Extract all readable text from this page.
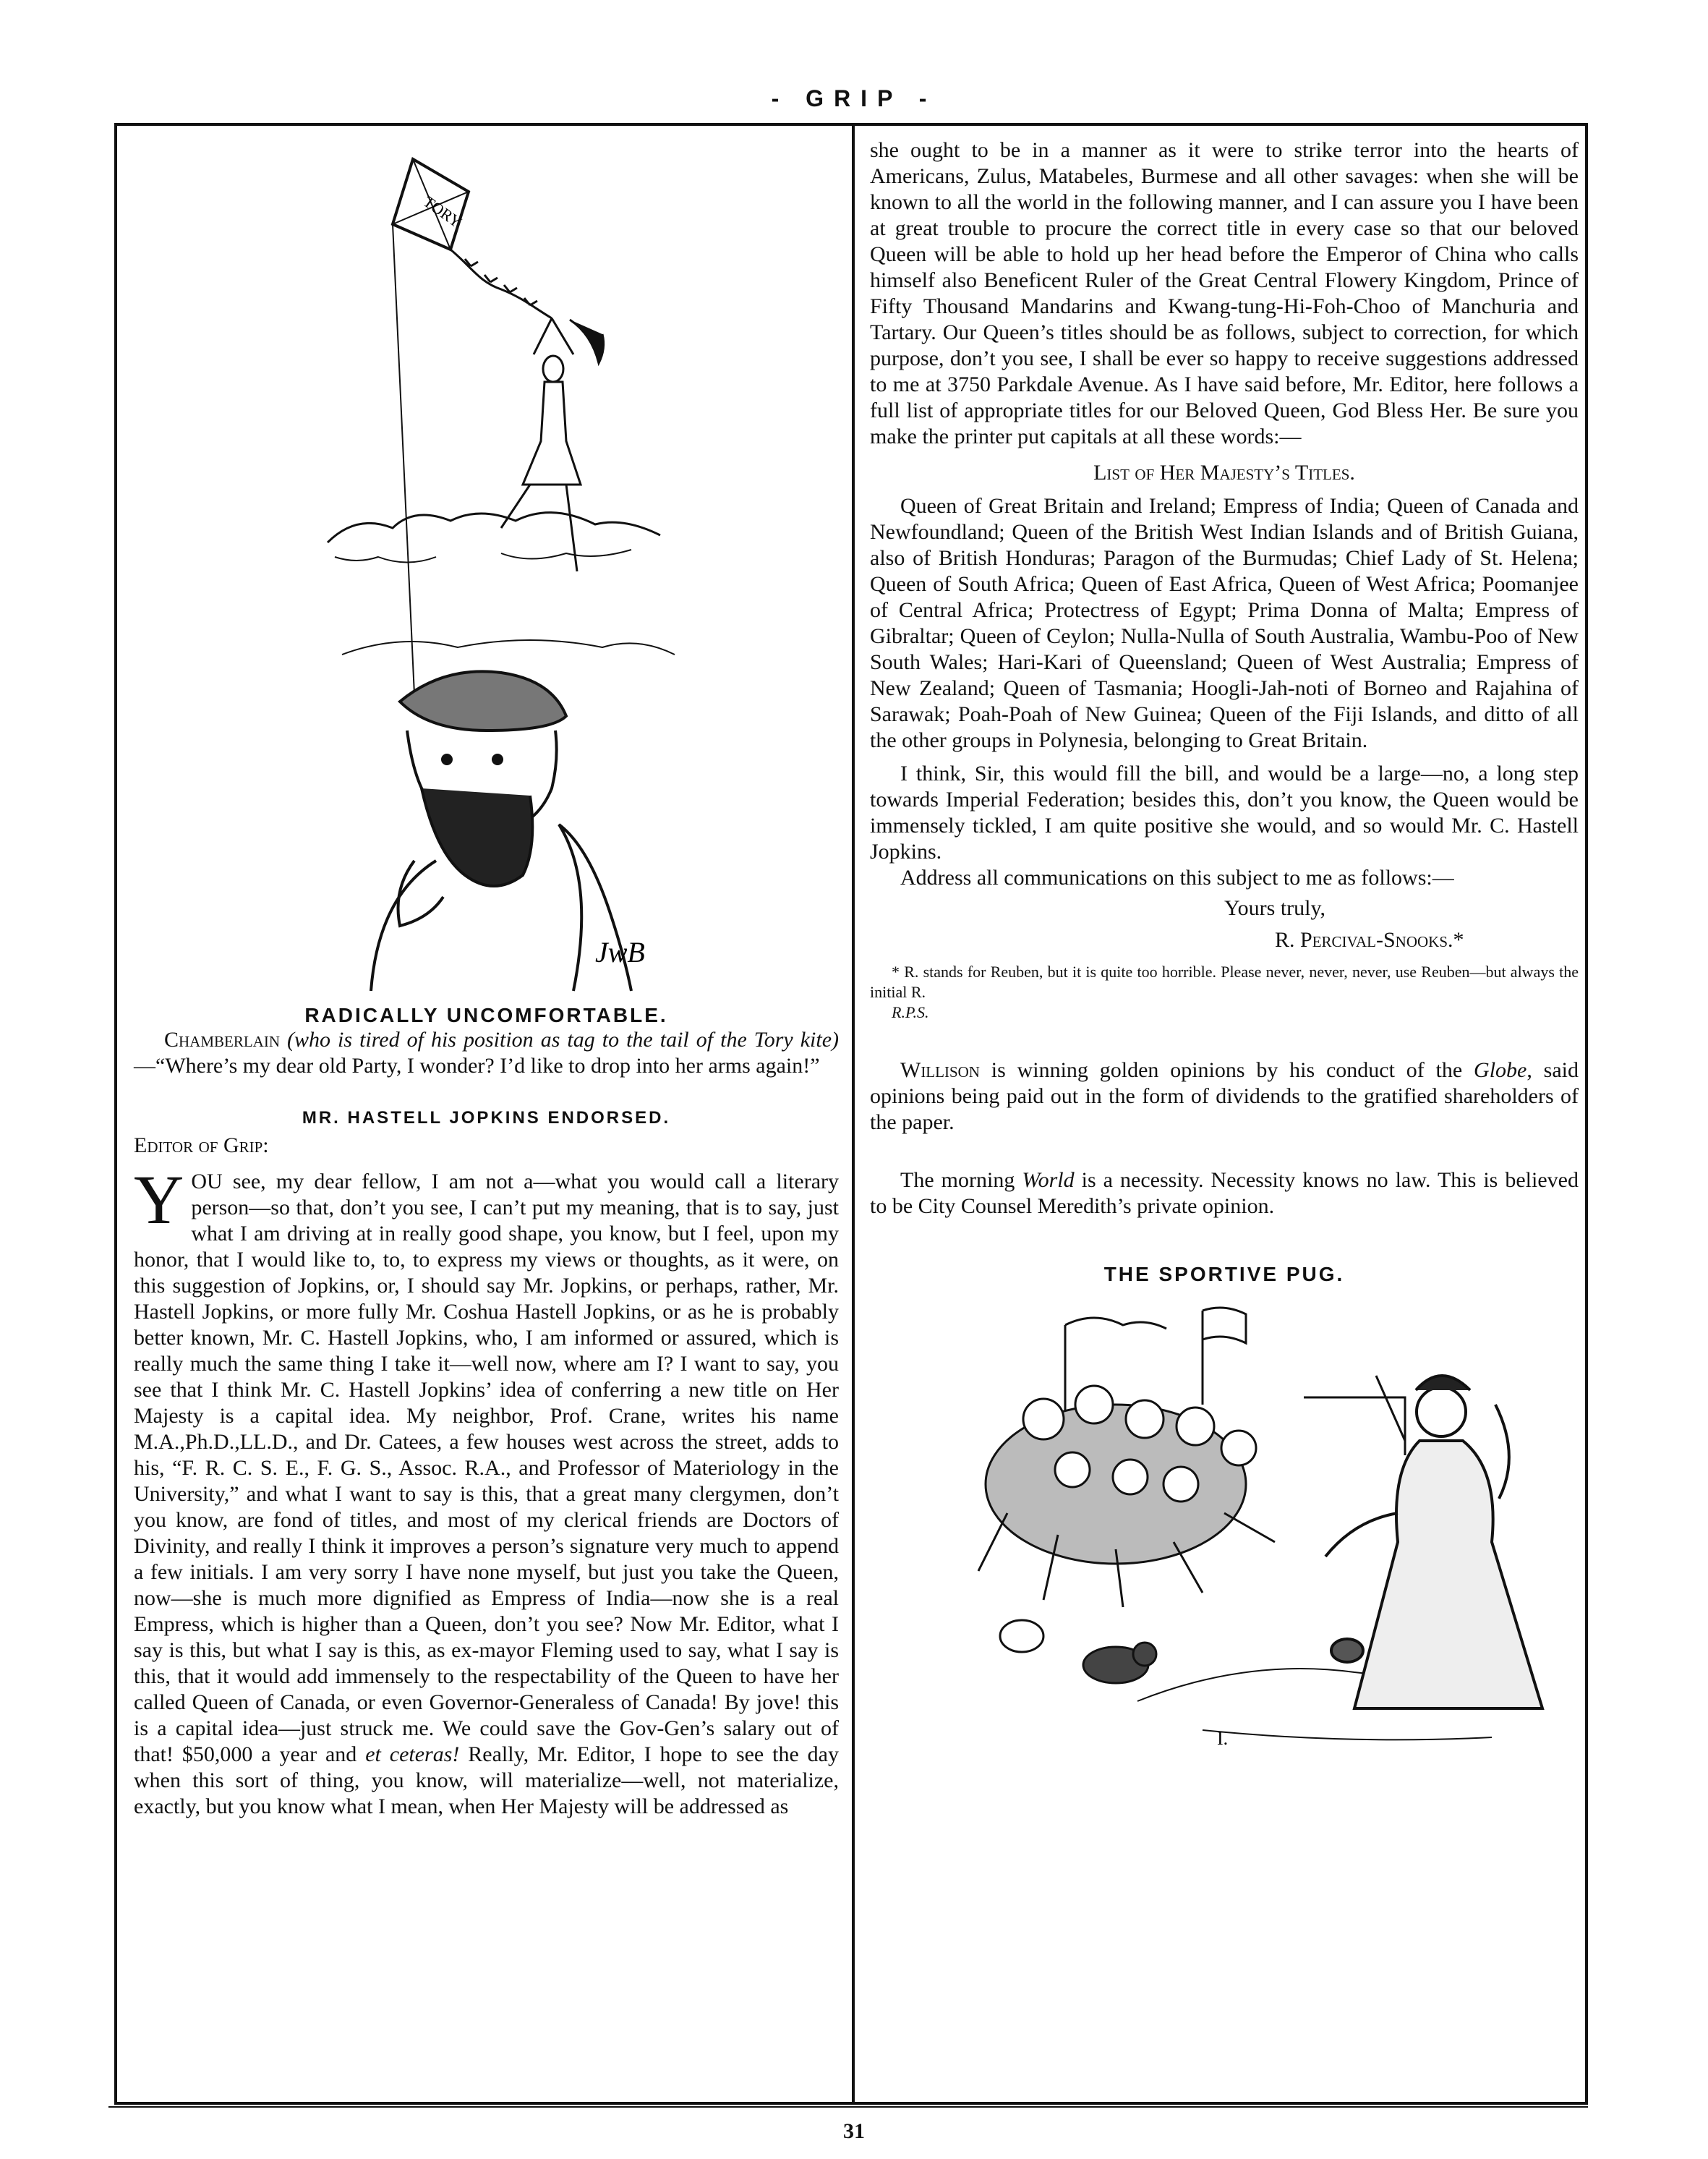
- GRIP -
TORY
JwB

RADICALLY UNCOMFORTABLE.

Chamberlain (who is tired of his position as tag to the tail of the Tory kite)—“Where’s my dear old Party, I wonder? I’d like to drop into her arms again!”

MR. HASTELL JOPKINS ENDORSED.

Editor of Grip:

YOU see, my dear fellow, I am not a—what you would call a literary person—so that, don’t you see, I can’t put my meaning, that is to say, just what I am driving at in really good shape, you know, but I feel, upon my honor, that I would like to, to, to express my views or thoughts, as it were, on this suggestion of Jopkins, or, I should say Mr. Jopkins, or perhaps, rather, Mr. Hastell Jopkins, or more fully Mr. Coshua Hastell Jopkins, or as he is probably better known, Mr. C. Hastell Jopkins, who, I am informed or assured, which is really much the same thing I take it—well now, where am I? I want to say, you see that I think Mr. C. Hastell Jopkins’ idea of conferring a new title on Her Majesty is a capital idea. My neighbor, Prof. Crane, writes his name M.A.,Ph.D.,LL.D., and Dr. Catees, a few houses west across the street, adds to his, “F. R. C. S. E., F. G. S., Assoc. R.A., and Professor of Materiology in the University,” and what I want to say is this, that a great many clergymen, don’t you know, are fond of titles, and most of my clerical friends are Doctors of Divinity, and really I think it improves a person’s signature very much to append a few initials. I am very sorry I have none myself, but just you take the Queen, now—she is much more dignified as Empress of India—now she is a real Empress, which is higher than a Queen, don’t you see? Now Mr. Editor, what I say is this, but what I say is this, as ex-mayor Fleming used to say, what I say is this, that it would add immensely to the respectability of the Queen to have her called Queen of Canada, or even Governor-Generaless of Canada! By jove! this is a capital idea—just struck me. We could save the Gov-Gen’s salary out of that! $50,000 a year and et ceteras! Really, Mr. Editor, I hope to see the day when this sort of thing, you know, will materialize—well, not materialize, exactly, but you know what I mean, when Her Majesty will be addressed as

she ought to be in a manner as it were to strike terror into the hearts of Americans, Zulus, Matabeles, Burmese and all other savages: when she will be known to all the world in the following manner, and I can assure you I have been at great trouble to procure the correct title in every case so that our beloved Queen will be able to hold up her head before the Emperor of China who calls himself also Beneficent Ruler of the Great Central Flowery Kingdom, Prince of Fifty Thousand Mandarins and Kwang-tung-Hi-Foh-Choo of Manchuria and Tartary. Our Queen’s titles should be as follows, subject to correction, for which purpose, don’t you see, I shall be ever so happy to receive suggestions addressed to me at 3750 Parkdale Avenue. As I have said before, Mr. Editor, here follows a full list of appropriate titles for our Beloved Queen, God Bless Her. Be sure you make the printer put capitals at all these words:—

List of Her Majesty’s Titles.

Queen of Great Britain and Ireland; Empress of India; Queen of Canada and Newfoundland; Queen of the British West Indian Islands and of British Guiana, also of British Honduras; Paragon of the Burmudas; Chief Lady of St. Helena; Queen of South Africa; Queen of East Africa, Queen of West Africa; Poomanjee of Central Africa; Protectress of Egypt; Prima Donna of Malta; Empress of Gibraltar; Queen of Ceylon; Nulla-Nulla of South Australia, Wambu-Poo of New South Wales; Hari-Kari of Queensland; Queen of West Australia; Empress of New Zealand; Queen of Tasmania; Hoogli-Jah-noti of Borneo and Rajahina of Sarawak; Poah-Poah of New Guinea; Queen of the Fiji Islands, and ditto of all the other groups in Polynesia, belonging to Great Britain.

I think, Sir, this would fill the bill, and would be a large—no, a long step towards Imperial Federation; besides this, don’t you know, the Queen would be immensely tickled, I am quite positive she would, and so would Mr. C. Hastell Jopkins.

Address all communications on this subject to me as follows:—

Yours truly,

R. Percival-Snooks.*

* R. stands for Reuben, but it is quite too horrible. Please never, never, never, use Reuben—but always the initial R.

R.P.S.

Willison is winning golden opinions by his conduct of the Globe, said opinions being paid out in the form of dividends to the gratified shareholders of the paper.

The morning World is a necessity. Necessity knows no law. This is believed to be City Counsel Meredith’s private opinion.

THE SPORTIVE PUG.

I.
31
